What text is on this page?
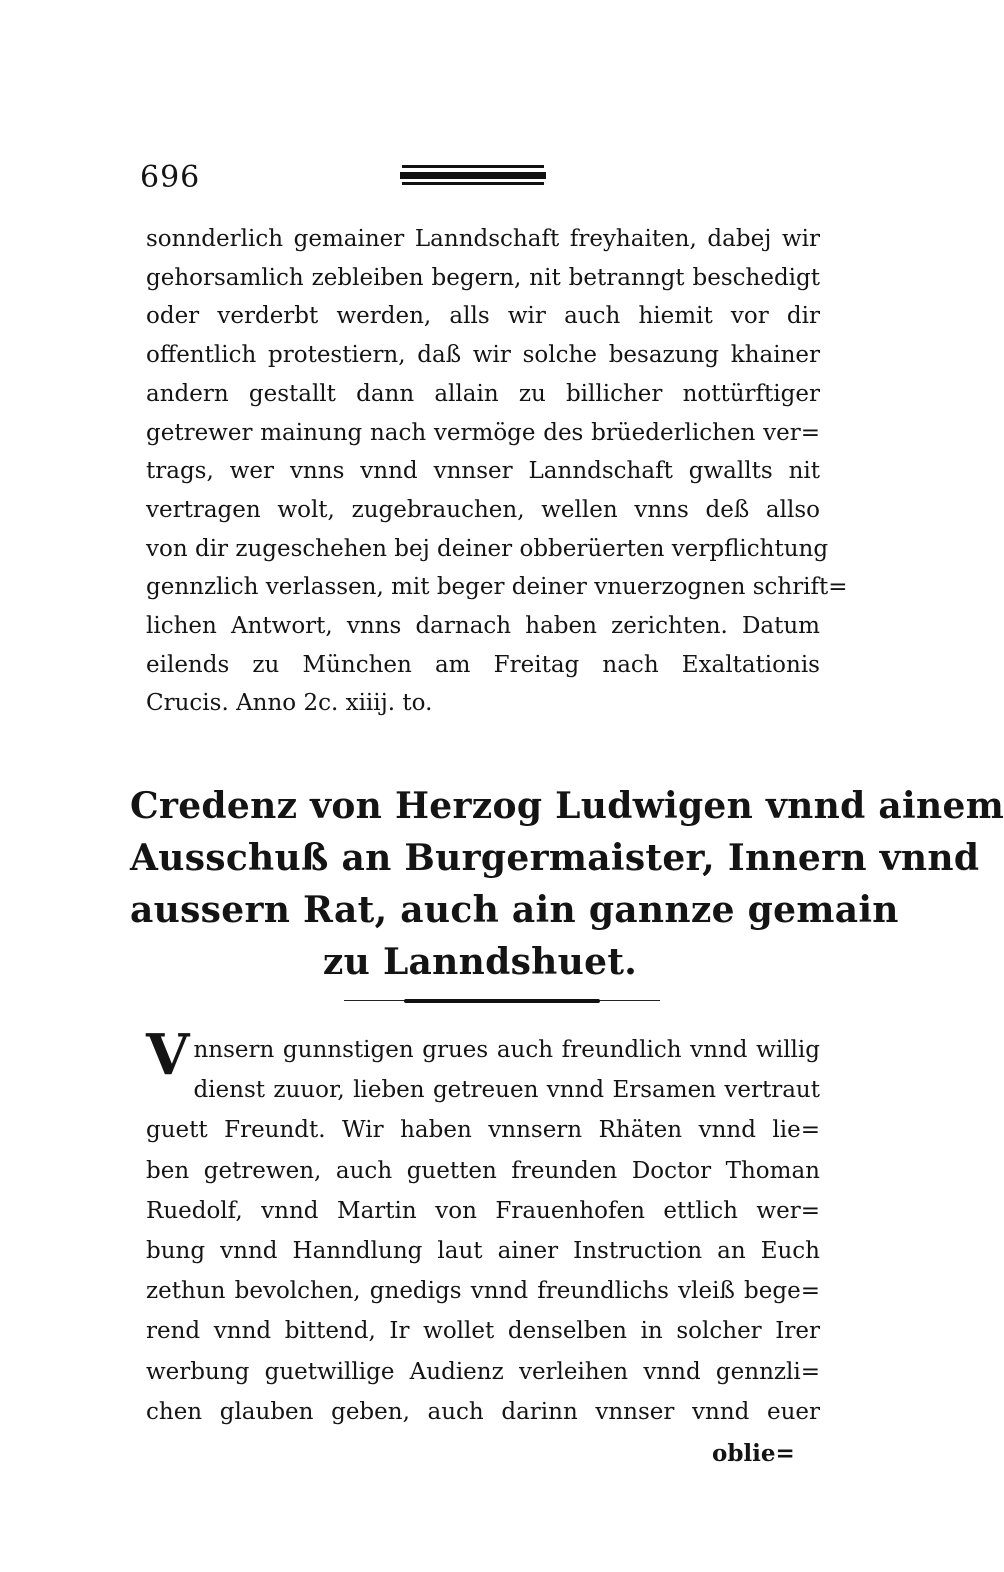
696
sonnderlich gemainer Lanndschaft freyhaiten, dabej wir
gehorsamlich zebleiben begern, nit betranngt beschedigt
oder verderbt werden, alls wir auch hiemit vor dir
offentlich protestiern, daß wir solche besazung khainer
andern gestallt dann allain zu billicher nottürftiger
getrewer mainung nach vermöge des brüederlichen ver=
trags, wer vnns vnnd vnnser Lanndschaft gwallts nit
vertragen wolt, zugebrauchen, wellen vnns deß allso
von dir zugeschehen bej deiner obberüerten verpflichtung
gennzlich verlassen, mit beger deiner vnuerzognen schrift=
lichen Antwort, vnns darnach haben zerichten. Datum
eilends zu München am Freitag nach Exaltationis
Crucis. Anno 2c. xiiij. to.
Credenz von Herzog Ludwigen vnnd ainem
Ausschuß an Burgermaister, Innern vnnd
aussern Rat, auch ain gannze gemain
zu Lanndshuet.
V nnsern gunnstigen grues auch freundlich vnnd willig
dienst zuuor, lieben getreuen vnnd Ersamen vertraut
guett Freundt. Wir haben vnnsern Rhäten vnnd lie=
ben getrewen, auch guetten freunden Doctor Thoman
Ruedolf, vnnd Martin von Frauenhofen ettlich wer=
bung vnnd Hanndlung laut ainer Instruction an Euch
zethun bevolchen, gnedigs vnnd freundlichs vleiß bege=
rend vnnd bittend, Ir wollet denselben in solcher Irer
werbung guetwillige Audienz verleihen vnnd gennzli=
chen glauben geben, auch darinn vnnser vnnd euer
oblie=
